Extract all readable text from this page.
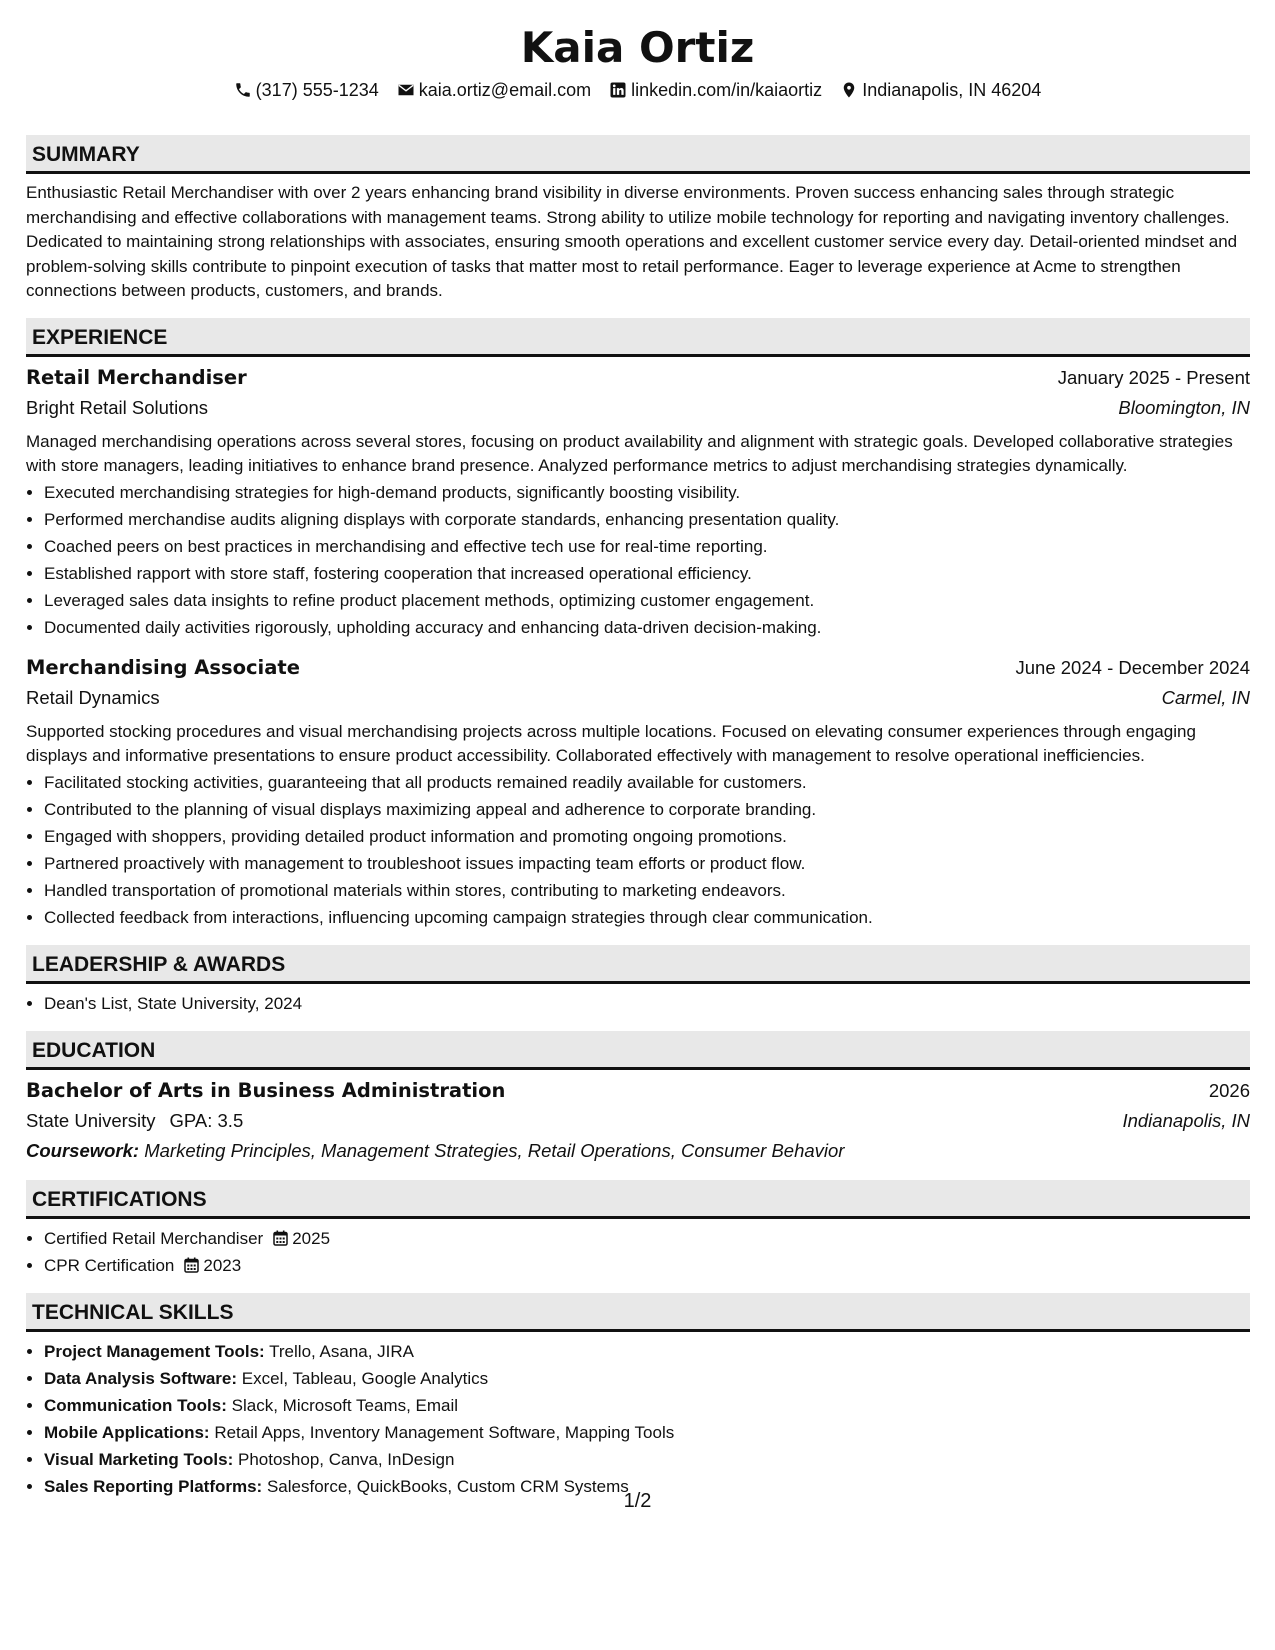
Kaia Ortiz
(317) 555-1234 kaia.ortiz@email.com linkedin.com/in/kaiaortiz Indianapolis, IN 46204
SUMMARY

Enthusiastic Retail Merchandiser with over 2 years enhancing brand visibility in diverse environments. Proven success enhancing sales through strategic merchandising and effective collaborations with management teams. Strong ability to utilize mobile technology for reporting and navigating inventory challenges. Dedicated to maintaining strong relationships with associates, ensuring smooth operations and excellent customer service every day. Detail-oriented mindset and problem-solving skills contribute to pinpoint execution of tasks that matter most to retail performance. Eager to leverage experience at Acme to strengthen connections between products, customers, and brands.

EXPERIENCE
Retail Merchandiser	January 2025 - Present
Bright Retail Solutions	Bloomington, IN

Managed merchandising operations across several stores, focusing on product availability and alignment with strategic goals. Developed collaborative strategies with store managers, leading initiatives to enhance brand presence. Analyzed performance metrics to adjust merchandising strategies dynamically.

• Executed merchandising strategies for high-demand products, significantly boosting visibility.
• Performed merchandise audits aligning displays with corporate standards, enhancing presentation quality.
• Coached peers on best practices in merchandising and effective tech use for real-time reporting.
• Established rapport with store staff, fostering cooperation that increased operational efficiency.
• Leveraged sales data insights to refine product placement methods, optimizing customer engagement.
• Documented daily activities rigorously, upholding accuracy and enhancing data-driven decision-making.
Merchandising Associate	June 2024 - December 2024
Retail Dynamics	Carmel, IN

Supported stocking procedures and visual merchandising projects across multiple locations. Focused on elevating consumer experiences through engaging displays and informative presentations to ensure product accessibility. Collaborated effectively with management to resolve operational inefficiencies.

• Facilitated stocking activities, guaranteeing that all products remained readily available for customers.
• Contributed to the planning of visual displays maximizing appeal and adherence to corporate branding.
• Engaged with shoppers, providing detailed product information and promoting ongoing promotions.
• Partnered proactively with management to troubleshoot issues impacting team efforts or product flow.
• Handled transportation of promotional materials within stores, contributing to marketing endeavors.
• Collected feedback from interactions, influencing upcoming campaign strategies through clear communication.
LEADERSHIP & AWARDS
• Dean's List, State University, 2024
EDUCATION
Bachelor of Arts in Business Administration	2026
State University GPA: 3.5	Indianapolis, IN
Coursework: Marketing Principles, Management Strategies, Retail Operations, Consumer Behavior
CERTIFICATIONS
• Certified Retail Merchandiser 2025
• CPR Certification 2023
TECHNICAL SKILLS
• Project Management Tools: Trello, Asana, JIRA
• Data Analysis Software: Excel, Tableau, Google Analytics
• Communication Tools: Slack, Microsoft Teams, Email
• Mobile Applications: Retail Apps, Inventory Management Software, Mapping Tools
• Visual Marketing Tools: Photoshop, Canva, InDesign
• Sales Reporting Platforms: Salesforce, QuickBooks, Custom CRM Systems
1/2
